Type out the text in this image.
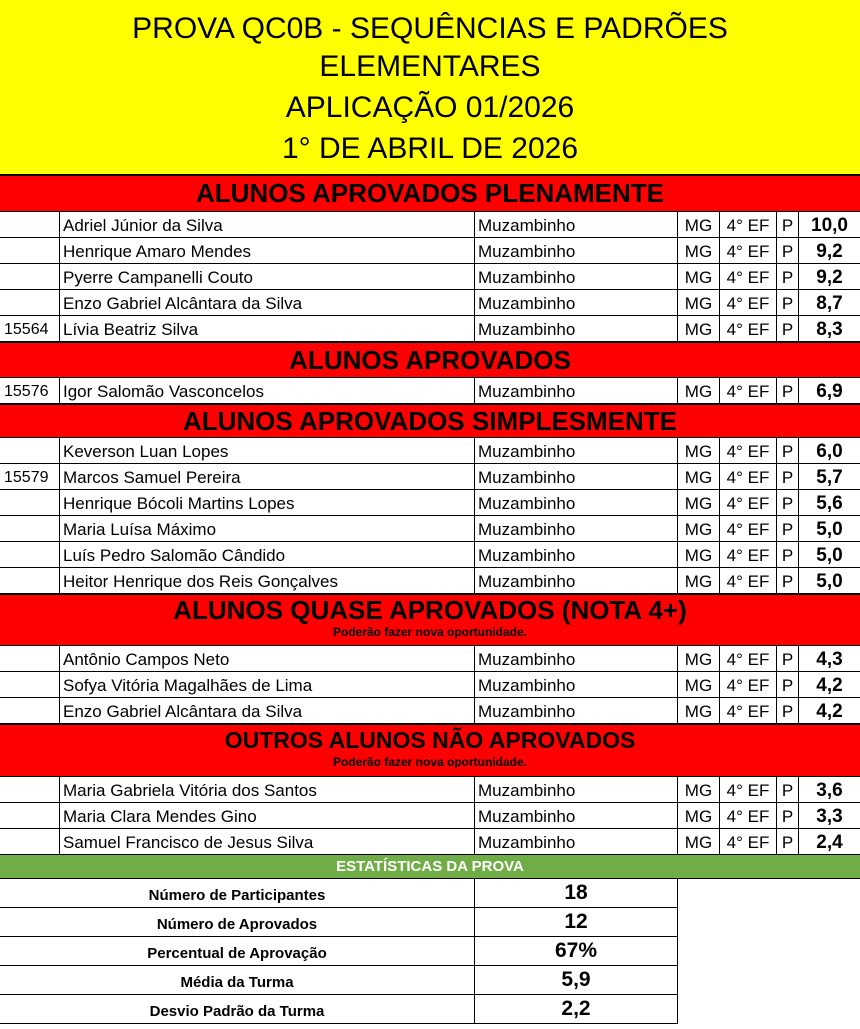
PROVA QC0B - SEQUÊNCIAS E PADRÕES
ELEMENTARES
APLICAÇÃO 01/2026
1° DE ABRIL DE 2026
ALUNOS APROVADOS PLENAMENTE
Adriel Júnior da Silva	Muzambinho	MG 4° EF P 10,0
Henrique Amaro Mendes	Muzambinho	MG 4° EF P	9,2
Pyerre Campanelli Couto	Muzambinho	MG 4° EF P	9,2
Enzo Gabriel Alcântara da Silva	Muzambinho	MG 4° EF P	8,7
15564 Lívia Beatriz Silva	Muzambinho	MG 4° EF P	8,3
ALUNOS APROVADOS
15576 Igor Salomão Vasconcelos	Muzambinho	MG 4° EF P	6,9
ALUNOS APROVADOS SIMPLESMENTE
Keverson Luan Lopes	Muzambinho	MG 4° EF P	6,0
15579 Marcos Samuel Pereira	Muzambinho	MG 4° EF P	5,7
Henrique Bócoli Martins Lopes	Muzambinho	MG 4° EF P	5,6
Maria Luísa Máximo	Muzambinho	MG 4° EF P	5,0
Luís Pedro Salomão Cândido	Muzambinho	MG 4° EF P	5,0
Heitor Henrique dos Reis Gonçalves	Muzambinho	MG 4° EF P	5,0
ALUNOS QUASE APROVADOS (NOTA 4+)
Poderão fazer nova oportunidade.
Antônio Campos Neto	Muzambinho	MG 4° EF P	4,3
Sofya Vitória Magalhães de Lima	Muzambinho	MG 4° EF P	4,2
Enzo Gabriel Alcântara da Silva	Muzambinho	MG 4° EF P	4,2
OUTROS ALUNOS NÃO APROVADOS
Poderão fazer nova oportunidade.
Maria Gabriela Vitória dos Santos	Muzambinho	MG 4° EF P	3,6
Maria Clara Mendes Gino	Muzambinho	MG 4° EF P	3,3
Samuel Francisco de Jesus Silva	Muzambinho	MG 4° EF P	2,4
ESTATÍSTICAS DA PROVA
Número de Participantes	18
Número de Aprovados	12
Percentual de Aprovação	67%
Média da Turma	5,9
Desvio Padrão da Turma	2,2
